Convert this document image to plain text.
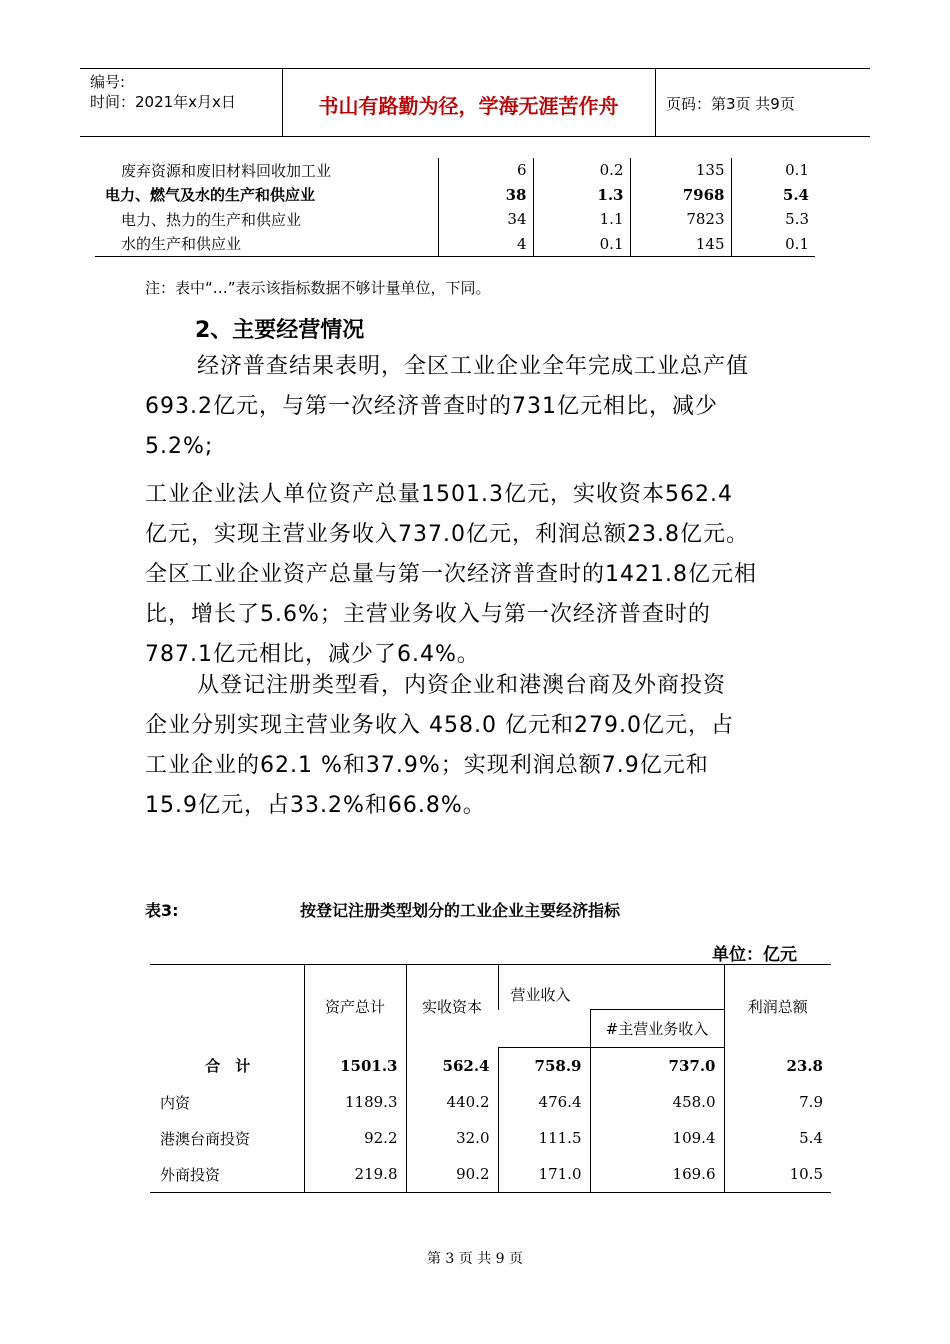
编号:
时间：2021年x月x日	书山有路勤为径，学海无涯苦作舟	页码：第3页 共9页
废弃资源和废旧材料回收加工业	6	0.2	135	0.1
电力、燃气及水的生产和供应业	38	1.3	7968	5.4
电力、热力的生产和供应业	34	1.1	7823	5.3
水的生产和供应业	4	0.1	145	0.1
注：表中“…”表示该指标数据不够计量单位，下同。
2、主要经营情况

经济普查结果表明，全区工业企业全年完成工业总产值

693.2亿元，与第一次经济普查时的731亿元相比，减少

5.2%;

工业企业法人单位资产总量1501.3亿元，实收资本562.4

亿元，实现主营业务收入737.0亿元，利润总额23.8亿元。

全区工业企业资产总量与第一次经济普查时的1421.8亿元相

比，增长了5.6%；主营业务收入与第一次经济普查时的

787.1亿元相比，减少了6.4%。

从登记注册类型看，内资企业和港澳台商及外商投资

企业分别实现主营业务收入 458.0 亿元和279.0亿元，占

工业企业的62.1 %和37.9%；实现利润总额7.9亿元和

15.9亿元，占33.2%和66.8%。

表3:	按登记注册类型划分的工业企业主要经济指标
单位：亿元
	资产总计	实收资本	营业收入		利润总额
				#主营业务收入	
合　计	1501.3	562.4	758.9	737.0	23.8
内资	1189.3	440.2	476.4	458.0	7.9
港澳台商投资	92.2	32.0	111.5	109.4	5.4
外商投资	219.8	90.2	171.0	169.6	10.5
第 3 页 共 9 页
